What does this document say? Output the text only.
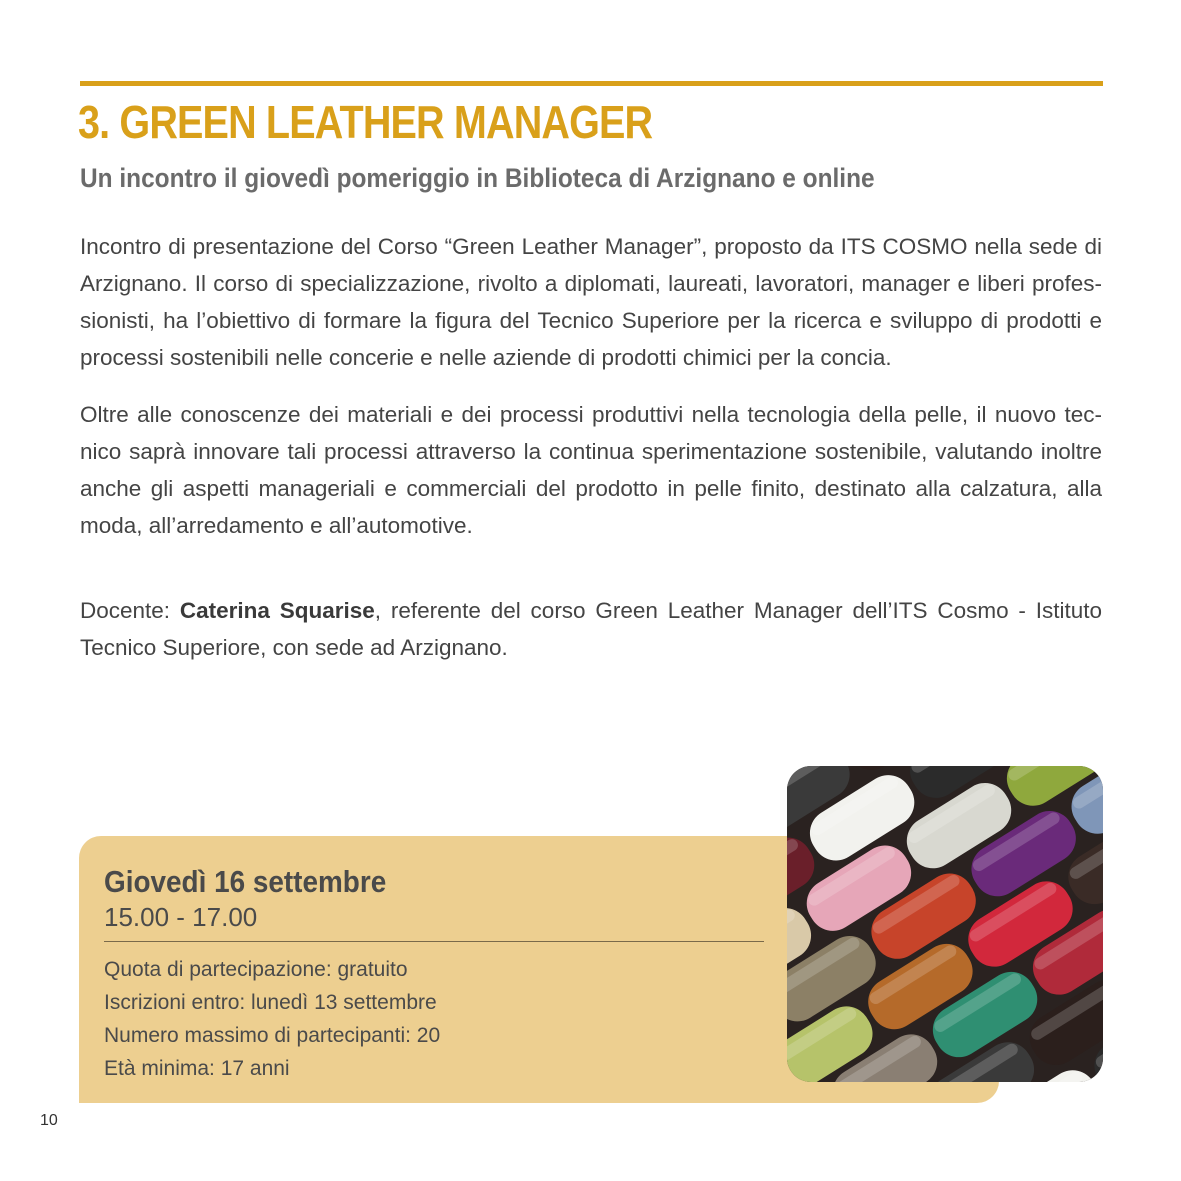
3. GREEN LEATHER MANAGER
Un incontro il giovedì pomeriggio in Biblioteca di Arzignano e online

Incontro di presentazione del Corso “Green Leather Manager”, proposto da ITS COSMO nella sede di Arzignano. Il corso di specializzazione, rivolto a diplomati, laureati, lavoratori, manager e liberi professionisti, ha l’obiettivo di formare la figura del Tecnico Superiore per la ricerca e sviluppo di prodotti e processi sostenibili nelle concerie e nelle aziende di prodotti chimici per la concia.

Oltre alle conoscenze dei materiali e dei processi produttivi nella tecnologia della pelle, il nuovo tecnico saprà innovare tali processi attraverso la continua sperimentazione sostenibile, valutando inoltre anche gli aspetti manageriali e commerciali del prodotto in pelle finito, destinato alla calzatura, alla moda, all’arredamento e all’automotive.

Docente: Caterina Squarise, referente del corso Green Leather Manager dell’ITS Cosmo - Istituto Tecnico Superiore, con sede ad Arzignano.

Giovedì 16 settembre

15.00 - 17.00

Quota di partecipazione: gratuito
Iscrizioni entro: lunedì 13 settembre
Numero massimo di partecipanti: 20
Età minima: 17 anni

10
